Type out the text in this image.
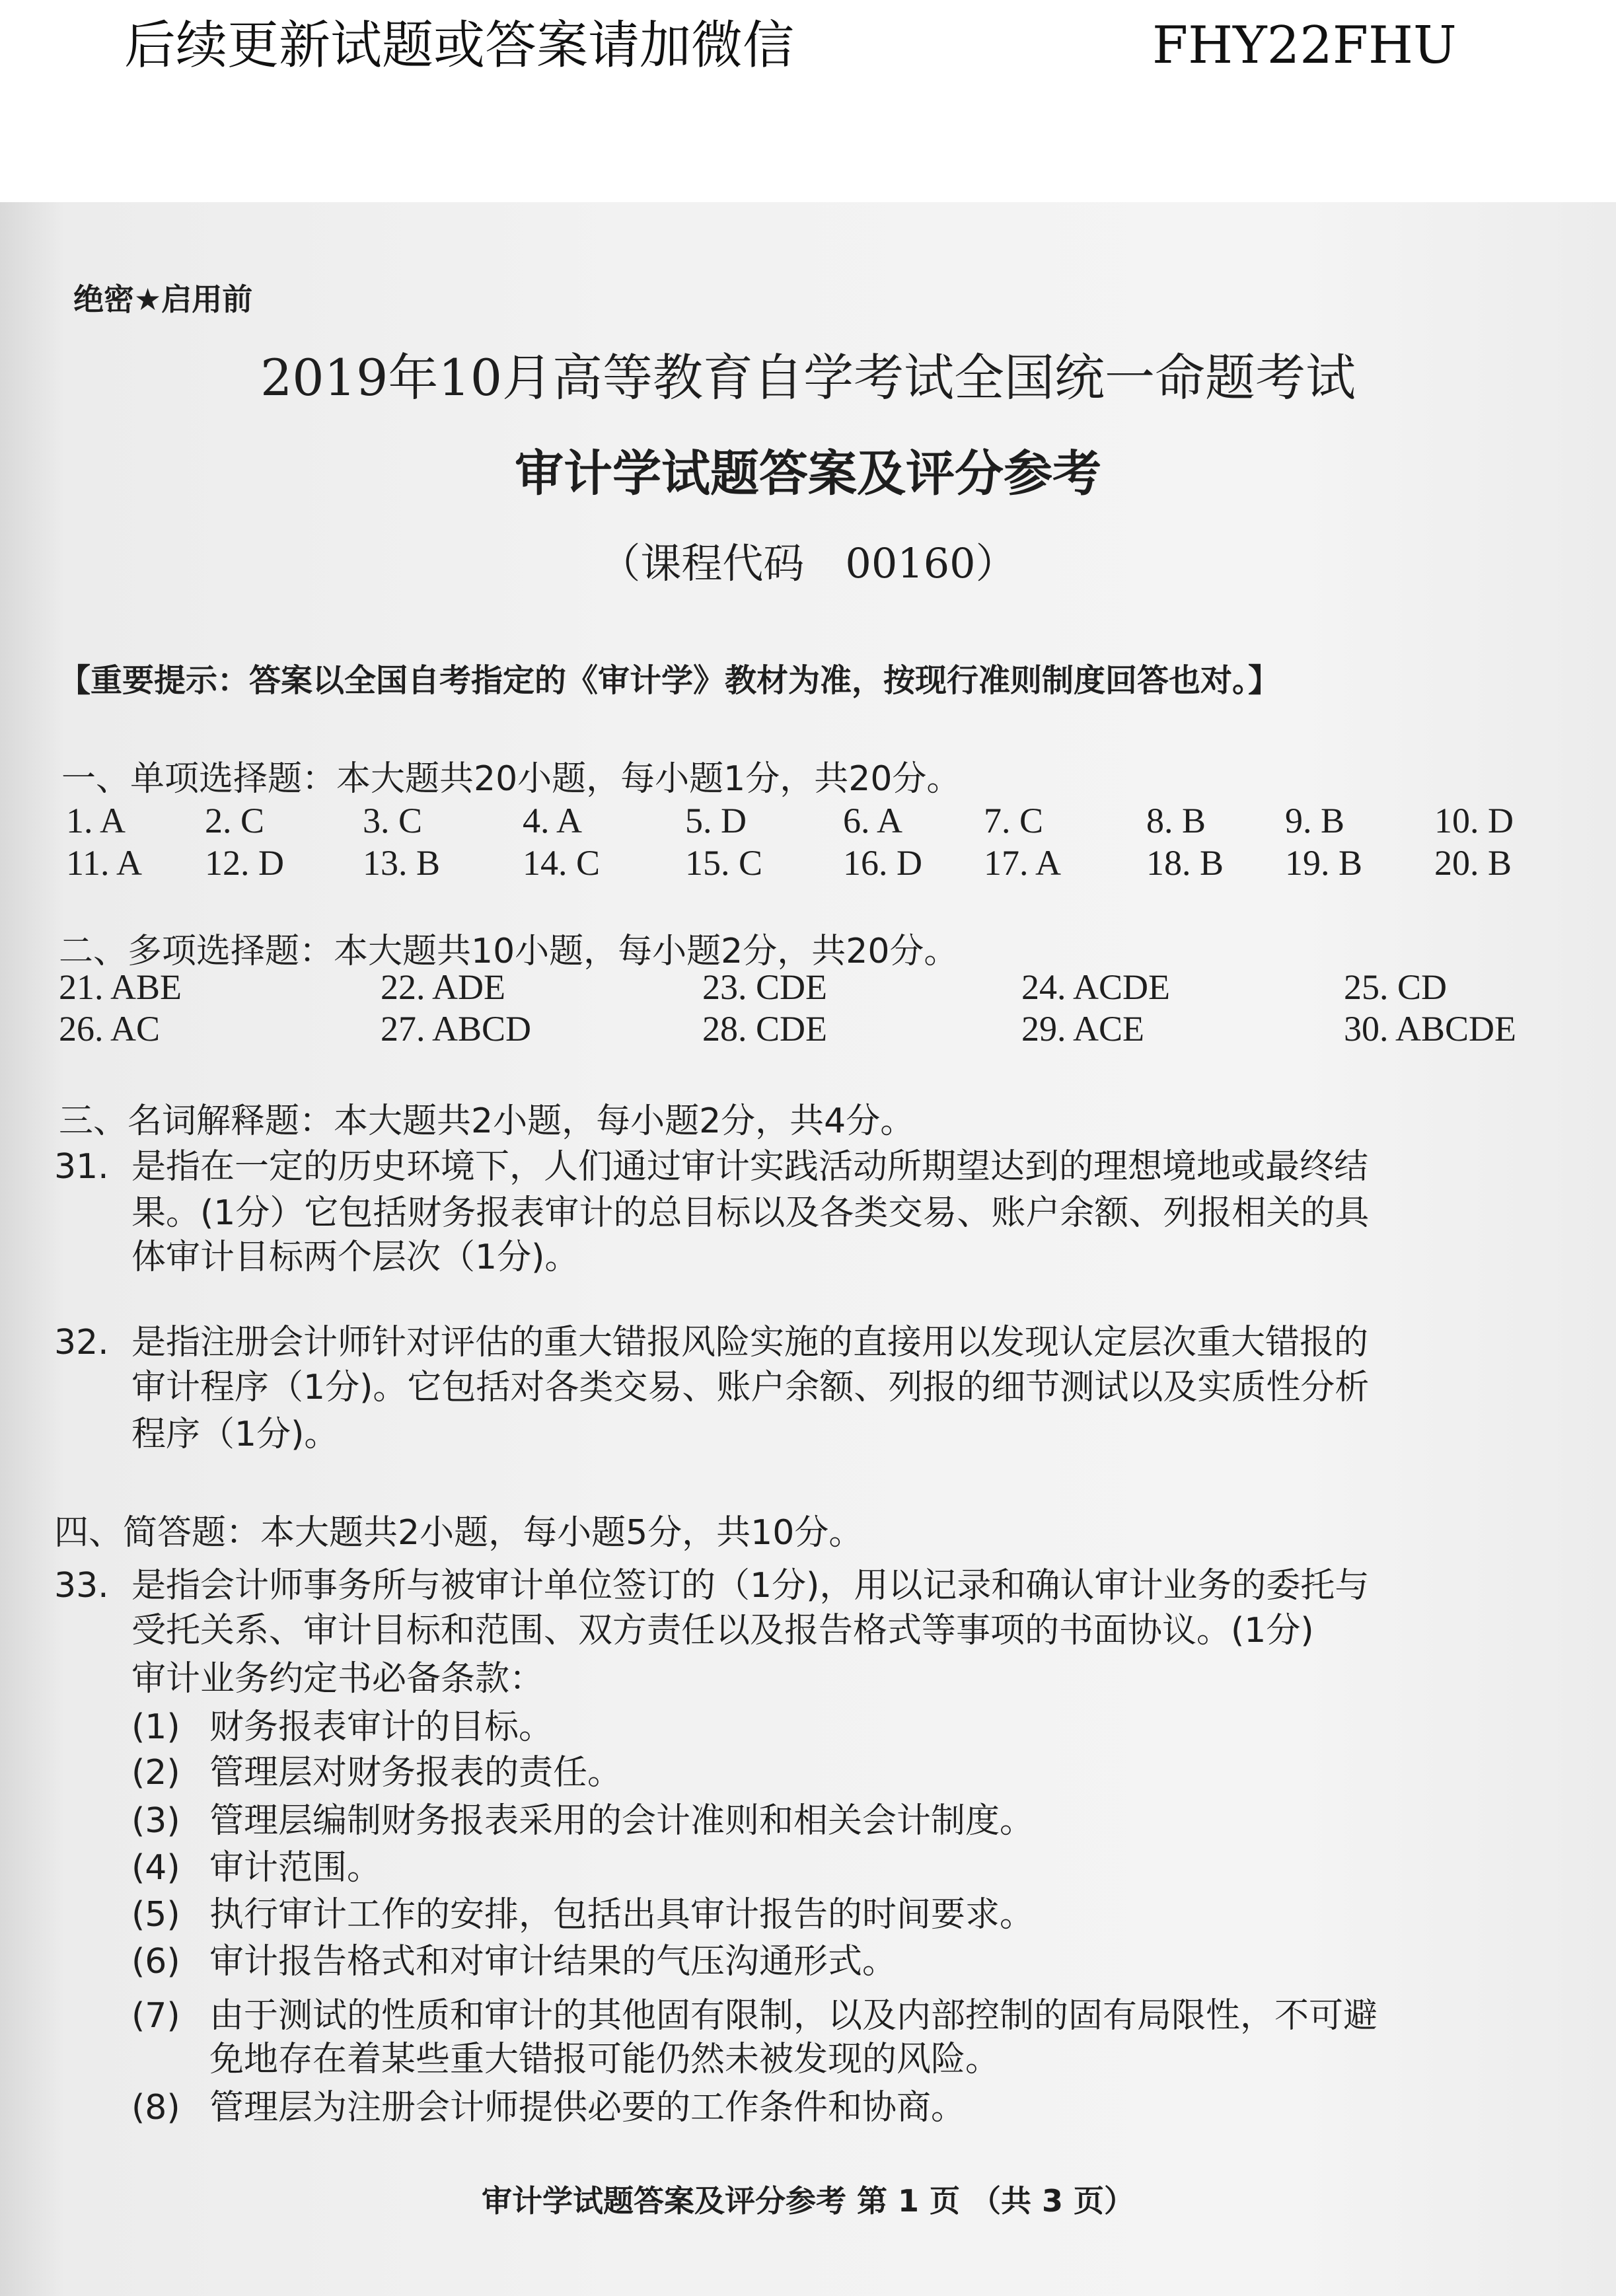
后续更新试题或答案请加微信	FHY22FHU
绝密★启用前
2019年10月高等教育自学考试全国统一命题考试
审计学试题答案及评分参考
（课程代码　00160）
【重要提示：答案以全国自考指定的《审计学》教材为准，按现行准则制度回答也对。】
一、单项选择题：本大题共20小题，每小题1分，共20分。
1. A 2. C	3. C	4. A	5. D	6. A 7. C	8. B 9. B	10. D
11. A 12. D 13. B 14. C 15. C 16. D 17. A 18. B 19. B 20. B
二、多项选择题：本大题共10小题，每小题2分，共20分。
21. ABE	22. ADE	23. CDE	24. ACDE	25. CD
26. AC	27. ABCD	28. CDE	29. ACE	30. ABCDE
三、名词解释题：本大题共2小题，每小题2分，共4分。
31. 是指在一定的历史环境下，人们通过审计实践活动所期望达到的理想境地或最终结
果。(1分）它包括财务报表审计的总目标以及各类交易、账户余额、列报相关的具
体审计目标两个层次（1分)。
32. 是指注册会计师针对评估的重大错报风险实施的直接用以发现认定层次重大错报的
审计程序（1分)。它包括对各类交易、账户余额、列报的细节测试以及实质性分析
程序（1分)。
四、简答题：本大题共2小题，每小题5分，共10分。
33. 是指会计师事务所与被审计单位签订的（1分)，用以记录和确认审计业务的委托与
受托关系、审计目标和范围、双方责任以及报告格式等事项的书面协议。(1分)
审计业务约定书必备条款：
(1) 财务报表审计的目标。
(2) 管理层对财务报表的责任。
(3) 管理层编制财务报表采用的会计准则和相关会计制度。
(4) 审计范围。
(5) 执行审计工作的安排，包括出具审计报告的时间要求。
(6) 审计报告格式和对审计结果的气压沟通形式。
(7) 由于测试的性质和审计的其他固有限制，以及内部控制的固有局限性，不可避
免地存在着某些重大错报可能仍然未被发现的风险。
(8) 管理层为注册会计师提供必要的工作条件和协商。
审计学试题答案及评分参考 第 1 页 （共 3 页）
